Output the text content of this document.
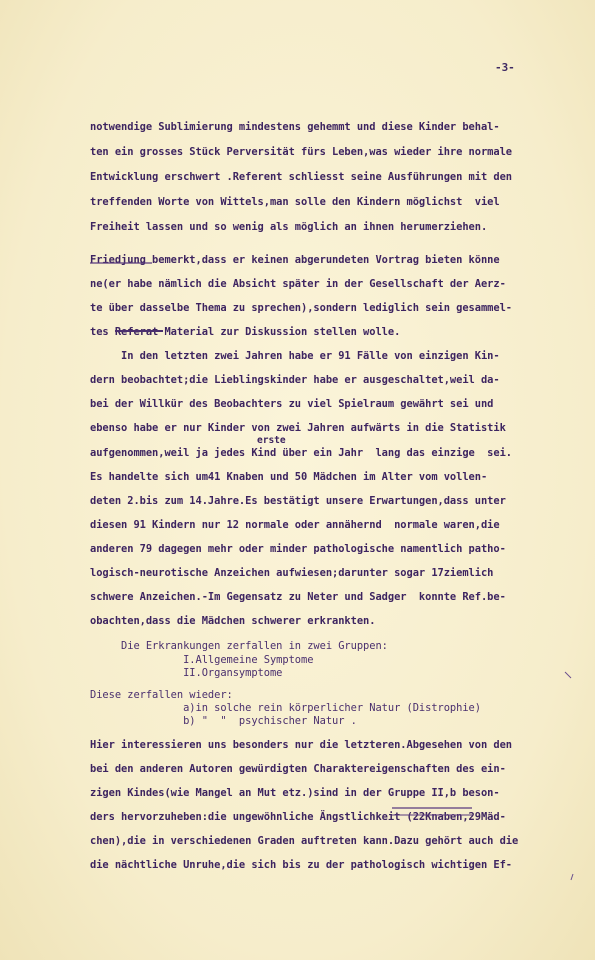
-3-
notwendige Sublimierung mindestens gehemmt und diese Kinder behal-
ten ein grosses Stück Perversität fürs Leben,was wieder ihre normale
Entwicklung erschwert .Referent schliesst seine Ausführungen mit den
treffenden Worte von Wittels,man solle den Kindern möglichst  viel
Freiheit lassen und so wenig als möglich an ihnen herumerziehen.
Friedjung bemerkt,dass er keinen abgerundeten Vortrag bieten könne
ne(er habe nämlich die Absicht später in der Gesellschaft der Aerz-
te über dasselbe Thema zu sprechen),sondern lediglich sein gesammel-
tes Referat Material zur Diskussion stellen wolle.
In den letzten zwei Jahren habe er 91 Fälle von einzigen Kin-
dern beobachtet;die Lieblingskinder habe er ausgeschaltet,weil da-
bei der Willkür des Beobachters zu viel Spielraum gewährt sei und
ebenso habe er nur Kinder von zwei Jahren aufwärts in die Statistik
erste
aufgenommen,weil ja jedes Kind über ein Jahr  lang das einzige  sei.
Es handelte sich um41 Knaben und 50 Mädchen im Alter vom vollen-
deten 2.bis zum 14.Jahre.Es bestätigt unsere Erwartungen,dass unter
diesen 91 Kindern nur 12 normale oder annähernd  normale waren,die
anderen 79 dagegen mehr oder minder pathologische namentlich patho-
logisch-neurotische Anzeichen aufwiesen;darunter sogar 17ziemlich
schwere Anzeichen.-Im Gegensatz zu Neter und Sadger  konnte Ref.be-
obachten,dass die Mädchen schwerer erkrankten.
Die Erkrankungen zerfallen in zwei Gruppen:
I.Allgemeine Symptome
II.Organsymptome
Diese zerfallen wieder:
a)in solche rein körperlicher Natur (Distrophie)
b) "  "  psychischer Natur .
Hier interessieren uns besonders nur die letzteren.Abgesehen von den
bei den anderen Autoren gewürdigten Charaktereigenschaften des ein-
zigen Kindes(wie Mangel an Mut etz.)sind in der Gruppe II,b beson-
ders hervorzuheben:die ungewöhnliche Ängstlichkeit (22Knaben,29Mäd-
chen),die in verschiedenen Graden auftreten kann.Dazu gehört auch die
die nächtliche Unruhe,die sich bis zu der pathologisch wichtigen Ef-
